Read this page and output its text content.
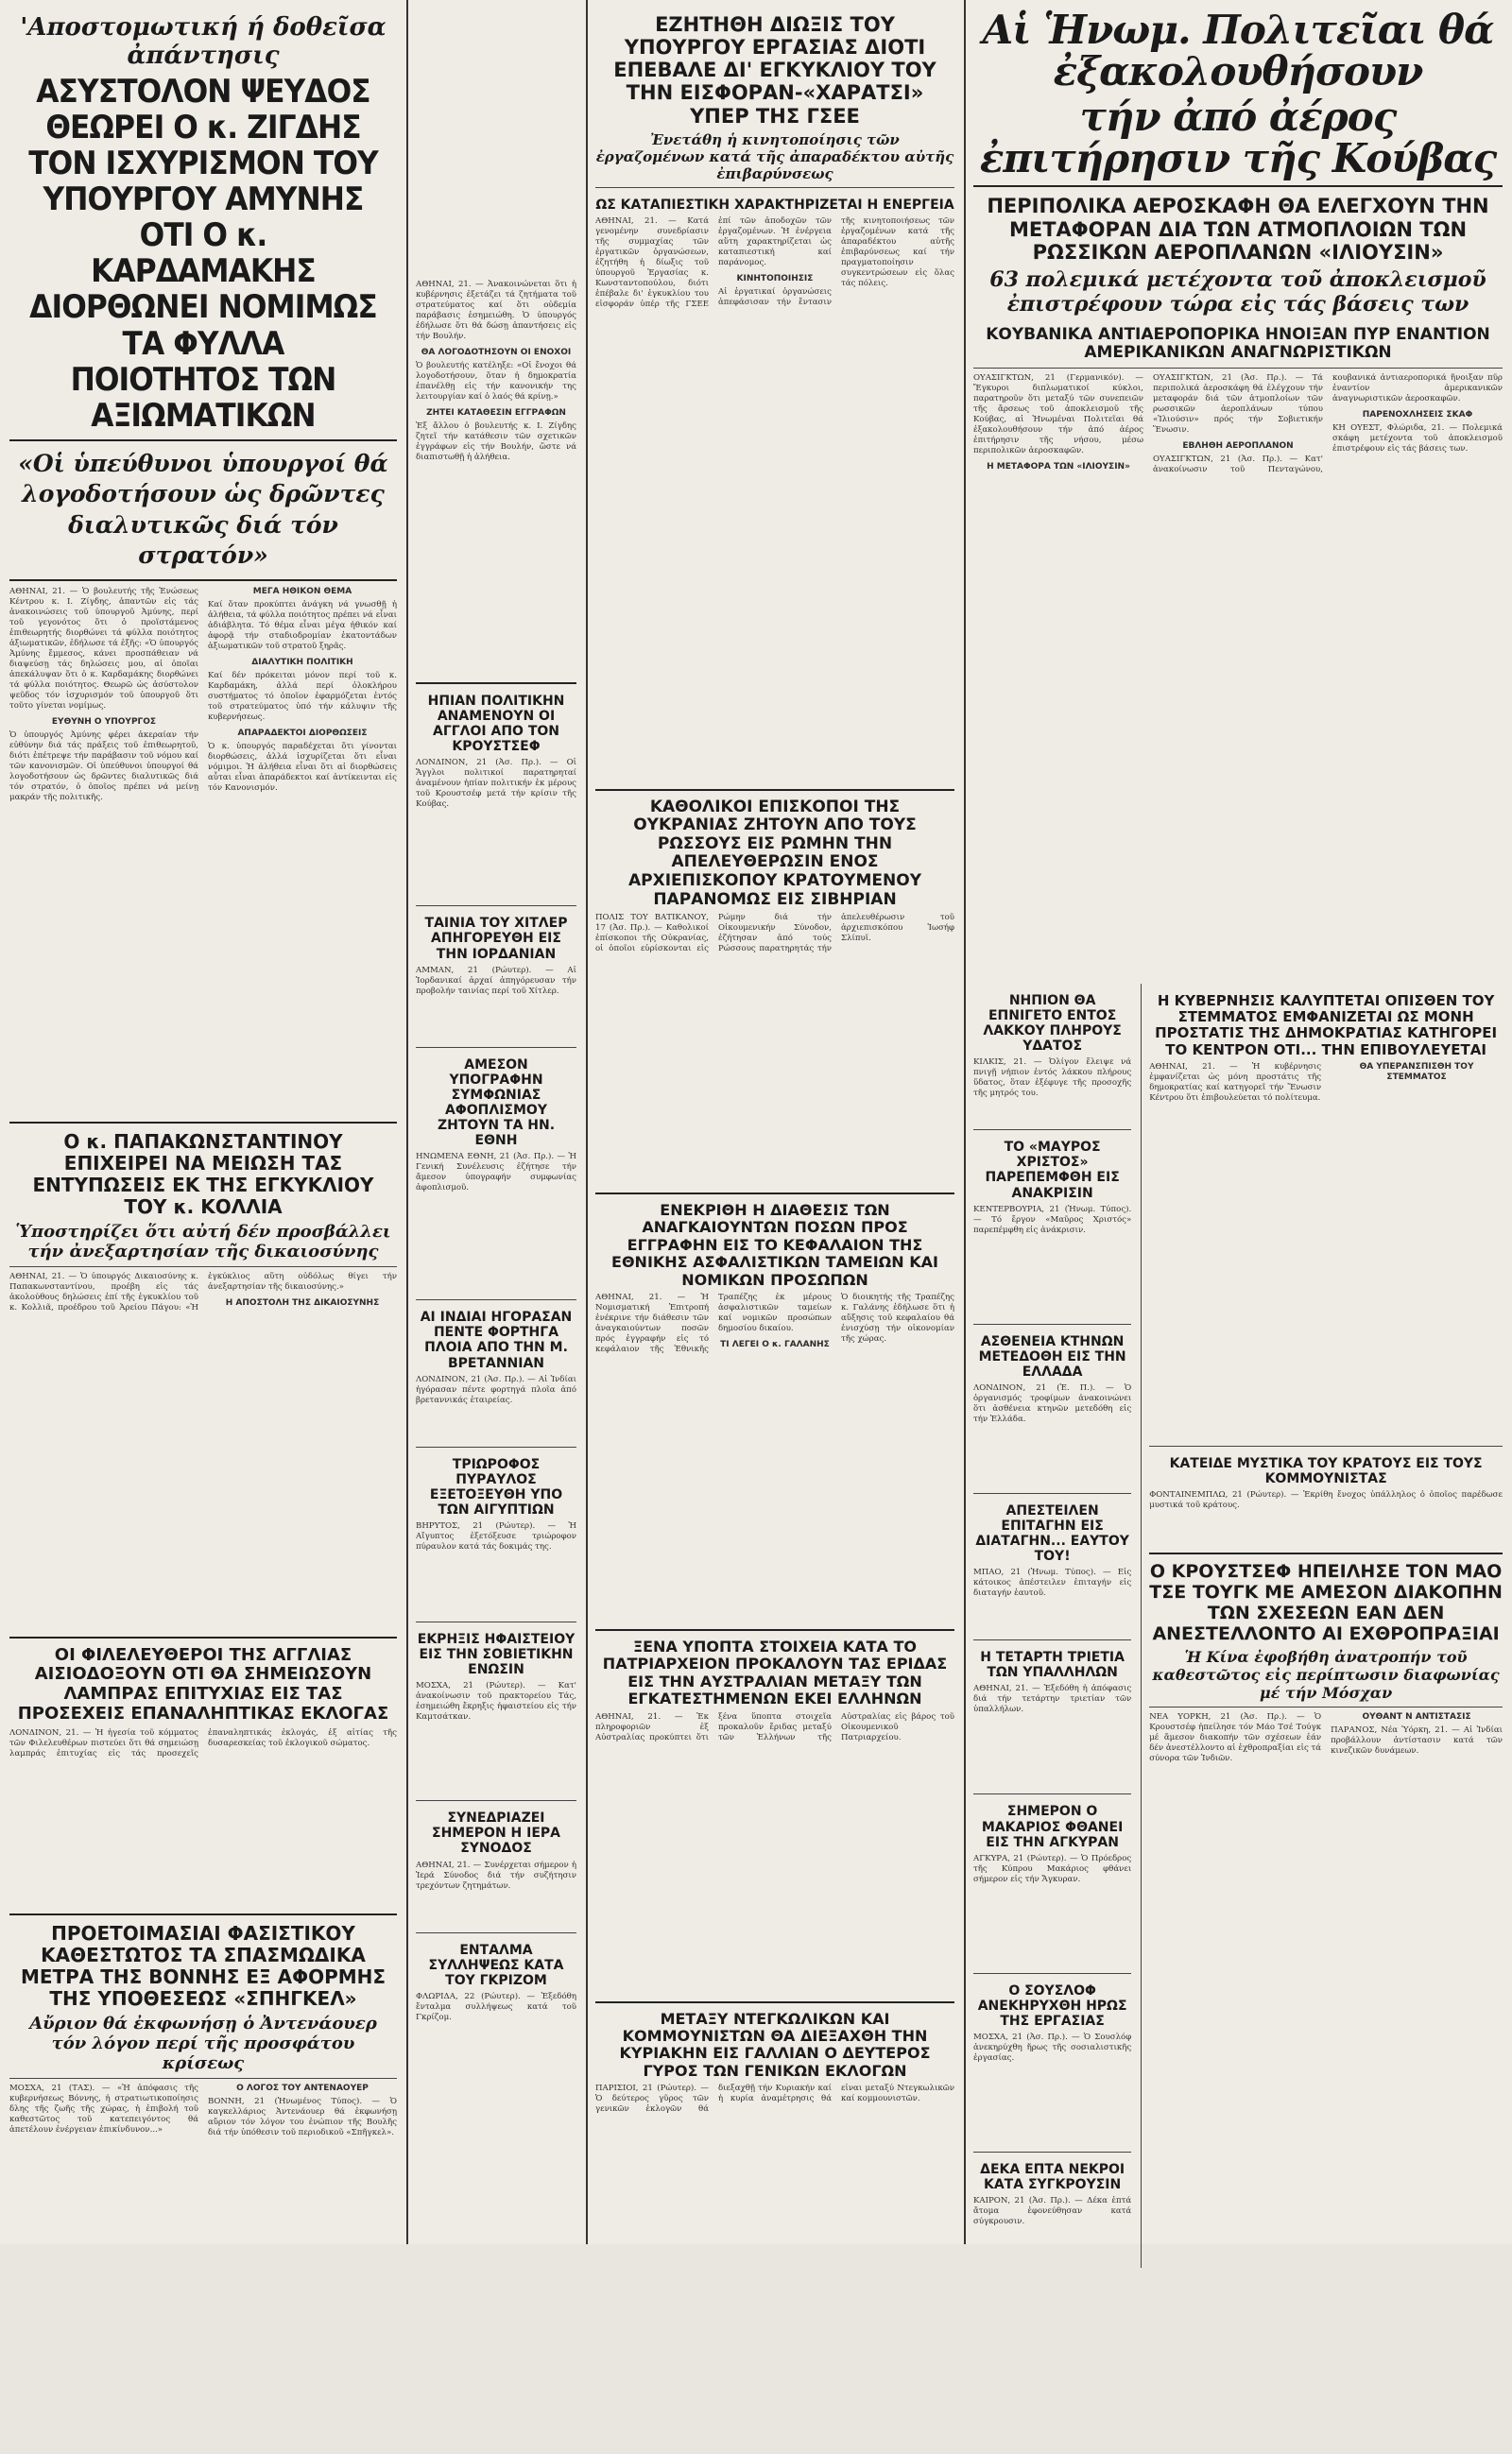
'Αποστομωτική ή δοθεῖσα ἀπάντησις
ΑΣΥΣΤΟΛΟΝ ΨΕΥΔΟΣ ΘΕΩΡΕΙ Ο κ. ΖΙΓΔΗΣ ΤΟΝ ΙΣΧΥΡΙΣΜΟΝ ΤΟΥ ΥΠΟΥΡΓΟΥ ΑΜΥΝΗΣ ΟΤΙ Ο κ. ΚΑΡΔΑΜΑΚΗΣ ΔΙΟΡΘΩΝΕΙ ΝΟΜΙΜΩΣ ΤΑ ΦΥΛΛΑ ΠΟΙΟΤΗΤΟΣ ΤΩΝ ΑΞΙΩΜΑΤΙΚΩΝ
«Οἱ ὑπεύθυνοι ὑπουργοί θά λογοδοτήσουν ὡς δρῶντες διαλυτικῶς διά τόν στρατόν»
ΑΘΗΝΑΙ, 21. — Ὁ βουλευτής τῆς Ἑνώσεως Κέντρου κ. Ι. Ζίγδης, ἀπαντῶν εἰς τάς ἀνακοινώσεις τοῦ ὑπουργοῦ Ἀμύνης, περί τοῦ γεγονότος ὅτι ὁ προϊστάμενος ἐπιθεωρητής διορθώνει τά φύλλα ποιότητος ἀξιωματικῶν, ἐδήλωσε τά ἑξῆς: «Ὁ ὑπουργός Ἀμύνης ἔμμεσος, κάνει προσπάθειαν νά διαψεύσῃ τάς δηλώσεις μου, αἱ ὁποῖαι ἀπεκάλυψαν ὅτι ὁ κ. Καρδαμάκης διορθώνει τά φύλλα ποιότητος. Θεωρῶ ὡς ἀσύστολον ψεῦδος τόν ἰσχυρισμόν τοῦ ὑπουργοῦ ὅτι τοῦτο γίνεται νομίμως.
ΕΥΘΥΝΗ Ο ΥΠΟΥΡΓΟΣ
Ὁ ὑπουργός Ἀμύνης φέρει ἀκεραίαν τήν εὐθύνην διά τάς πράξεις τοῦ ἐπιθεωρητοῦ, διότι ἐπέτρεψε τήν παράβασιν τοῦ νόμου καί τῶν κανονισμῶν. Οἱ ὑπεύθυνοι ὑπουργοί θά λογοδοτήσουν ὡς δρῶντες διαλυτικῶς διά τόν στρατόν, ὁ ὁποῖος πρέπει νά μείνῃ μακράν τῆς πολιτικῆς.
ΜΕΓΑ ΗΘΙΚΟΝ ΘΕΜΑ
Καί ὅταν προκύπτει ἀνάγκη νά γνωσθῇ ἡ ἀλήθεια, τά φύλλα ποιότητος πρέπει νά εἶναι ἀδιάβλητα. Τό θέμα εἶναι μέγα ἠθικόν καί ἀφορᾷ τήν σταδιοδρομίαν ἑκατοντάδων ἀξιωματικῶν τοῦ στρατοῦ ξηρᾶς.
ΔΙΑΛΥΤΙΚΗ ΠΟΛΙΤΙΚΗ
Καί δέν πρόκειται μόνον περί τοῦ κ. Καρδαμάκη, ἀλλά περί ὁλοκλήρου συστήματος τό ὁποῖον ἐφαρμόζεται ἐντός τοῦ στρατεύματος ὑπό τήν κάλυψιν τῆς κυβερνήσεως.
ΑΠΑΡΑΔΕΚΤΟΙ ΔΙΟΡΘΩΣΕΙΣ
Ὁ κ. ὑπουργός παραδέχεται ὅτι γίνονται διορθώσεις, ἀλλά ἰσχυρίζεται ὅτι εἶναι νόμιμοι. Ἡ ἀλήθεια εἶναι ὅτι αἱ διορθώσεις αὗται εἶναι ἀπαράδεκτοι καί ἀντίκεινται εἰς τόν Κανονισμόν.
Ο κ. ΠΑΠΑΚΩΝΣΤΑΝΤΙΝΟΥ ΕΠΙΧΕΙΡΕΙ ΝΑ ΜΕΙΩΣΗ ΤΑΣ ΕΝΤΥΠΩΣΕΙΣ ΕΚ ΤΗΣ ΕΓΚΥΚΛΙΟΥ ΤΟΥ κ. ΚΟΛΛΙΑ
Ὑποστηρίζει ὅτι αὐτή δέν προσβάλλει τήν ἀνεξαρτησίαν τῆς δικαιοσύνης
ΑΘΗΝΑΙ, 21. — Ὁ ὑπουργός Δικαιοσύνης κ. Παπακωνσταντίνου, προέβη εἰς τάς ἀκολούθους δηλώσεις ἐπί τῆς ἐγκυκλίου τοῦ κ. Κολλιᾶ, προέδρου τοῦ Ἀρείου Πάγου: «Ἡ ἐγκύκλιος αὕτη οὐδόλως θίγει τήν ἀνεξαρτησίαν τῆς δικαιοσύνης.»
Η ΑΠΟΣΤΟΛΗ ΤΗΣ ΔΙΚΑΙΟΣΥΝΗΣ
ΟΙ ΦΙΛΕΛΕΥΘΕΡΟΙ ΤΗΣ ΑΓΓΛΙΑΣ ΑΙΣΙΟΔΟΞΟΥΝ ΟΤΙ ΘΑ ΣΗΜΕΙΩΣΟΥΝ ΛΑΜΠΡΑΣ ΕΠΙΤΥΧΙΑΣ ΕΙΣ ΤΑΣ ΠΡΟΣΕΧΕΙΣ ΕΠΑΝΑΛΗΠΤΙΚΑΣ ΕΚΛΟΓΑΣ
ΛΟΝΔΙΝΟΝ, 21. — Ἡ ἡγεσία τοῦ κόμματος τῶν Φιλελευθέρων πιστεύει ὅτι θά σημειώσῃ λαμπράς ἐπιτυχίας εἰς τάς προσεχεῖς ἐπαναληπτικάς ἐκλογάς, ἐξ αἰτίας τῆς δυσαρεσκείας τοῦ ἐκλογικοῦ σώματος.
ΠΡΟΕΤΟΙΜΑΣΙΑΙ ΦΑΣΙΣΤΙΚΟΥ ΚΑΘΕΣΤΩΤΟΣ ΤΑ ΣΠΑΣΜΩΔΙΚΑ ΜΕΤΡΑ ΤΗΣ ΒΟΝΝΗΣ ΕΞ ΑΦΟΡΜΗΣ ΤΗΣ ΥΠΟΘΕΣΕΩΣ «ΣΠΗΓΚΕΛ»
Αὔριον θά ἐκφωνήσῃ ὁ Ἀντενάουερ τόν λόγον περί τῆς προσφάτου κρίσεως
ΜΟΣΧΑ, 21 (ΤΑΣ). — «Ἡ ἀπόφασις τῆς κυβερνήσεως Βόννης, ἡ στρατιωτικοποίησις δλης τῆς ζωῆς τῆς χώρας, ἡ ἐπιβολή τοῦ καθεστῶτος τοῦ κατεπειγόντος θά ἀπετέλουν ἐνέργειαν ἐπικίνδυνον...»
Ο ΛΟΓΟΣ ΤΟΥ ΑΝΤΕΝΑΟΥΕΡ
ΒΟΝΝΗ, 21 (Ἡνωμένος Τύπος). — Ὁ καγκελλάριος Ἀντενάουερ θά ἐκφωνήσῃ αὔριον τόν λόγον του ἐνώπιον τῆς Βουλῆς διά τήν ὑπόθεσιν τοῦ περιοδικοῦ «Σπῆγκελ».
ΑΘΗΝΑΙ, 21. — Ἀνακοινώνεται ὅτι ἡ κυβέρνησις ἐξετάζει τά ζητήματα τοῦ στρατεύματος καί ὅτι οὐδεμία παράβασις ἐσημειώθη. Ὁ ὑπουργός ἐδήλωσε ὅτι θά δώσῃ ἀπαντήσεις εἰς τήν Βουλήν.
ΘΑ ΛΟΓΟΔΟΤΗΣΟΥΝ ΟΙ ΕΝΟΧΟΙ
Ὁ βουλευτής κατέληξε: «Οἱ ἔνοχοι θά λογοδοτήσουν, ὅταν ἡ δημοκρατία ἐπανέλθῃ εἰς τήν κανονικήν της λειτουργίαν καί ὁ λαός θά κρίνῃ.»
ΖΗΤΕΙ ΚΑΤΑΘΕΣΙΝ ΕΓΓΡΑΦΩΝ
Ἐξ ἄλλου ὁ βουλευτής κ. Ι. Ζίγδης ζητεῖ τήν κατάθεσιν τῶν σχετικῶν ἐγγράφων εἰς τήν Βουλήν, ὥστε νά διαπιστωθῇ ἡ ἀλήθεια.
ΗΠΙΑΝ ΠΟΛΙΤΙΚΗΝ ΑΝΑΜΕΝΟΥΝ ΟΙ ΑΓΓΛΟΙ ΑΠΟ ΤΟΝ ΚΡΟΥΣΤΣΕΦ
ΛΟΝΔΙΝΟΝ, 21 (Ἀσ. Πρ.). — Οἱ Ἄγγλοι πολιτικοί παρατηρηταί ἀναμένουν ἠπίαν πολιτικήν ἐκ μέρους τοῦ Κρουστσέφ μετά τήν κρίσιν τῆς Κούβας.
ΤΑΙΝΙΑ ΤΟΥ ΧΙΤΛΕΡ ΑΠΗΓΟΡΕΥΘΗ ΕΙΣ ΤΗΝ ΙΟΡΔΑΝΙΑΝ
ΑΜΜΑΝ, 21 (Ρώυτερ). — Αἱ Ἰορδανικαί ἀρχαί ἀπηγόρευσαν τήν προβολήν ταινίας περί τοῦ Χίτλερ.
ΑΜΕΣΟΝ ΥΠΟΓΡΑΦΗΝ ΣΥΜΦΩΝΙΑΣ ΑΦΟΠΛΙΣΜΟΥ ΖΗΤΟΥΝ ΤΑ ΗΝ. ΕΘΝΗ
ΗΝΩΜΕΝΑ ΕΘΝΗ, 21 (Ἀσ. Πρ.). — Ἡ Γενική Συνέλευσις ἐζήτησε τήν ἄμεσον ὑπογραφήν συμφωνίας ἀφοπλισμοῦ.
ΑΙ ΙΝΔΙΑΙ ΗΓΟΡΑΣΑΝ ΠΕΝΤΕ ΦΟΡΤΗΓΑ ΠΛΟΙΑ ΑΠΟ ΤΗΝ Μ. ΒΡΕΤΑΝΝΙΑΝ
ΛΟΝΔΙΝΟΝ, 21 (Ἀσ. Πρ.). — Αἱ Ἰνδίαι ἠγόρασαν πέντε φορτηγά πλοῖα ἀπό βρεταννικάς ἑταιρείας.
ΤΡΙΩΡΟΦΟΣ ΠΥΡΑΥΛΟΣ ΕΞΕΤΟΞΕΥΘΗ ΥΠΟ ΤΩΝ ΑΙΓΥΠΤΙΩΝ
ΒΗΡΥΤΟΣ, 21 (Ρώυτερ). — Ἡ Αἴγυπτος ἐξετόξευσε τριώροφον πύραυλον κατά τάς δοκιμάς της.
ΕΚΡΗΞΙΣ ΗΦΑΙΣΤΕΙΟΥ ΕΙΣ ΤΗΝ ΣΟΒΙΕΤΙΚΗΝ ΕΝΩΣΙΝ
ΜΟΣΧΑ, 21 (Ρώυτερ). — Κατ' ἀνακοίνωσιν τοῦ πρακτορείου Τάς, ἐσημειώθη ἔκρηξις ἡφαιστείου εἰς τήν Καμτσάτκαν.
ΣΥΝΕΔΡΙΑΖΕΙ ΣΗΜΕΡΟΝ Η ΙΕΡΑ ΣΥΝΟΔΟΣ
ΑΘΗΝΑΙ, 21. — Συνέρχεται σήμερον ἡ Ἱερά Σύνοδος διά τήν συζήτησιν τρεχόντων ζητημάτων.
ΕΝΤΑΛΜΑ ΣΥΛΛΗΨΕΩΣ ΚΑΤΑ ΤΟΥ ΓΚΡΙΖΟΜ
ΦΛΩΡΙΔΑ, 22 (Ρώυτερ). — Ἐξεδόθη ἔνταλμα συλλήψεως κατά τοῦ Γκρίζομ.
ΕΖΗΤΗΘΗ ΔΙΩΞΙΣ ΤΟΥ ΥΠΟΥΡΓΟΥ ΕΡΓΑΣΙΑΣ ΔΙΟΤΙ ΕΠΕΒΑΛΕ ΔΙ' ΕΓΚΥΚΛΙΟΥ ΤΟΥ ΤΗΝ ΕΙΣΦΟΡΑΝ-«ΧΑΡΑΤΣΙ» ΥΠΕΡ ΤΗΣ ΓΣΕΕ
Ἐνετάθη ἡ κινητοποίησις τῶν ἐργαζομένων κατά τῆς ἀπαραδέκτου αὐτῆς ἐπιβαρύνσεως
ΩΣ ΚΑΤΑΠΙΕΣΤΙΚΗ ΧΑΡΑΚΤΗΡΙΖΕΤΑΙ Η ΕΝΕΡΓΕΙΑ
ΑΘΗΝΑΙ, 21. — Κατά γενομένην συνεδρίασιν τῆς συμμαχίας τῶν ἐργατικῶν ὀργανώσεων, ἐζητήθη ἡ δίωξις τοῦ ὑπουργοῦ Ἐργασίας κ. Κωνσταντοπούλου, διότι ἐπέβαλε δι' ἐγκυκλίου του εἰσφοράν ὑπέρ τῆς ΓΣΕΕ ἐπί τῶν ἀποδοχῶν τῶν ἐργαζομένων. Ἡ ἐνέργεια αὕτη χαρακτηρίζεται ὡς καταπιεστική καί παράνομος.
ΚΙΝΗΤΟΠΟΙΗΣΙΣ
Αἱ ἐργατικαί ὀργανώσεις ἀπεφάσισαν τήν ἔντασιν τῆς κινητοποιήσεως τῶν ἐργαζομένων κατά τῆς ἀπαραδέκτου αὐτῆς ἐπιβαρύνσεως καί τήν πραγματοποίησιν συγκεντρώσεων εἰς ὅλας τάς πόλεις.
ΚΑΘΟΛΙΚΟΙ ΕΠΙΣΚΟΠΟΙ ΤΗΣ ΟΥΚΡΑΝΙΑΣ ΖΗΤΟΥΝ ΑΠΟ ΤΟΥΣ ΡΩΣΣΟΥΣ ΕΙΣ ΡΩΜΗΝ ΤΗΝ ΑΠΕΛΕΥΘΕΡΩΣΙΝ ΕΝΟΣ ΑΡΧΙΕΠΙΣΚΟΠΟΥ ΚΡΑΤΟΥΜΕΝΟΥ ΠΑΡΑΝΟΜΩΣ ΕΙΣ ΣΙΒΗΡΙΑΝ
ΠΟΛΙΣ ΤΟΥ ΒΑΤΙΚΑΝΟΥ, 17 (Ἀσ. Πρ.). — Καθολικοί ἐπίσκοποι τῆς Οὐκρανίας, οἱ ὁποῖοι εὑρίσκονται εἰς Ρώμην διά τήν Οἰκουμενικήν Σύνοδον, ἐζήτησαν ἀπό τούς Ρώσσους παρατηρητάς τήν ἀπελευθέρωσιν τοῦ ἀρχιεπισκόπου Ἰωσήφ Σλίπυϊ.
ΕΝΕΚΡΙΘΗ Η ΔΙΑΘΕΣΙΣ ΤΩΝ ΑΝΑΓΚΑΙΟΥΝΤΩΝ ΠΟΣΩΝ ΠΡΟΣ ΕΓΓΡΑΦΗΝ ΕΙΣ ΤΟ ΚΕΦΑΛΑΙΟΝ ΤΗΣ ΕΘΝΙΚΗΣ ΑΣΦΑΛΙΣΤΙΚΩΝ ΤΑΜΕΙΩΝ ΚΑΙ ΝΟΜΙΚΩΝ ΠΡΟΣΩΠΩΝ
ΑΘΗΝΑΙ, 21. — Ἡ Νομισματική Ἐπιτροπή ἐνέκρινε τήν διάθεσιν τῶν ἀναγκαιούντων ποσῶν πρός ἐγγραφήν εἰς τό κεφάλαιον τῆς Ἐθνικῆς Τραπέζης ἐκ μέρους ἀσφαλιστικῶν ταμείων καί νομικῶν προσώπων δημοσίου δικαίου.
ΤΙ ΛΕΓΕΙ Ο κ. ΓΑΛΑΝΗΣ
Ὁ διοικητής τῆς Τραπέζης κ. Γαλάνης ἐδήλωσε ὅτι ἡ αὔξησις τοῦ κεφαλαίου θά ἐνισχύσῃ τήν οἰκονομίαν τῆς χώρας.
ΞΕΝΑ ΥΠΟΠΤΑ ΣΤΟΙΧΕΙΑ ΚΑΤΑ ΤΟ ΠΑΤΡΙΑΡΧΕΙΟΝ ΠΡΟΚΑΛΟΥΝ ΤΑΣ ΕΡΙΔΑΣ ΕΙΣ ΤΗΝ ΑΥΣΤΡΑΛΙΑΝ ΜΕΤΑΞΥ ΤΩΝ ΕΓΚΑΤΕΣΤΗΜΕΝΩΝ ΕΚΕΙ ΕΛΛΗΝΩΝ
ΑΘΗΝΑΙ, 21. — Ἐκ πληροφοριῶν ἐξ Αὐστραλίας προκύπτει ὅτι ξένα ὕποπτα στοιχεῖα προκαλοῦν ἔριδας μεταξύ τῶν Ἑλλήνων τῆς Αὐστραλίας εἰς βάρος τοῦ Οἰκουμενικοῦ Πατριαρχείου.
ΜΕΤΑΞΥ ΝΤΕΓΚΩΛΙΚΩΝ ΚΑΙ ΚΟΜΜΟΥΝΙΣΤΩΝ ΘΑ ΔΙΕΞΑΧΘΗ ΤΗΝ ΚΥΡΙΑΚΗΝ ΕΙΣ ΓΑΛΛΙΑΝ Ο ΔΕΥΤΕΡΟΣ ΓΥΡΟΣ ΤΩΝ ΓΕΝΙΚΩΝ ΕΚΛΟΓΩΝ
ΠΑΡΙΣΙΟΙ, 21 (Ρώυτερ). — Ὁ δεύτερος γῦρος τῶν γενικῶν ἐκλογῶν θά διεξαχθῇ τήν Κυριακήν καί ἡ κυρία ἀναμέτρησις θά εἶναι μεταξύ Ντεγκωλικῶν καί κομμουνιστῶν.
Αἱ Ἡνωμ. Πολιτεῖαι θά ἐξακολουθήσουν
τήν ἀπό ἀέρος ἐπιτήρησιν τῆς Κούβας
ΠΕΡΙΠΟΛΙΚΑ ΑΕΡΟΣΚΑΦΗ ΘΑ ΕΛΕΓΧΟΥΝ ΤΗΝ ΜΕΤΑΦΟΡΑΝ ΔΙΑ ΤΩΝ ΑΤΜΟΠΛΟΙΩΝ ΤΩΝ ΡΩΣΣΙΚΩΝ ΑΕΡΟΠΛΑΝΩΝ «ΙΛΙΟΥΣΙΝ»
63 πολεμικά μετέχοντα τοῦ ἀποκλεισμοῦ ἐπιστρέφουν τώρα εἰς τάς βάσεις των
ΚΟΥΒΑΝΙΚΑ ΑΝΤΙΑΕΡΟΠΟΡΙΚΑ ΗΝΟΙΞΑΝ ΠΥΡ ΕΝΑΝΤΙΟΝ ΑΜΕΡΙΚΑΝΙΚΩΝ ΑΝΑΓΝΩΡΙΣΤΙΚΩΝ
ΟΥΑΣΙΓΚΤΩΝ, 21 (Γερμανικόν). — Ἔγκυροι διπλωματικοί κύκλοι, παρατηροῦν ὅτι μεταξύ τῶν συνεπειῶν τῆς ἄρσεως τοῦ ἀποκλεισμοῦ τῆς Κούβας, αἱ Ἡνωμέναι Πολιτεῖαι θά ἐξακολουθήσουν τήν ἀπό ἀέρος ἐπιτήρησιν τῆς νήσου, μέσω περιπολικῶν ἀεροσκαφῶν.
Η ΜΕΤΑΦΟΡΑ ΤΩΝ «ΙΛΙΟΥΣΙΝ»
ΟΥΑΣΙΓΚΤΩΝ, 21 (Ἀσ. Πρ.). — Τά περιπολικά ἀεροσκάφη θά ἐλέγχουν τήν μεταφοράν διά τῶν ἀτμοπλοίων τῶν ρωσσικῶν ἀεροπλάνων τύπου «Ἰλιούσιν» πρός τήν Σοβιετικήν Ἕνωσιν.
ΕΒΛΗΘΗ ΑΕΡΟΠΛΑΝΟΝ
ΟΥΑΣΙΓΚΤΩΝ, 21 (Ἀσ. Πρ.). — Κατ' ἀνακοίνωσιν τοῦ Πενταγώνου, κουβανικά ἀντιαεροπορικά ἤνοιξαν πῦρ ἐναντίον ἀμερικανικῶν ἀναγνωριστικῶν ἀεροσκαφῶν.
ΠΑΡΕΝΟΧΛΗΣΕΙΣ ΣΚΑΦ
ΚΗ ΟΥΕΣΤ, Φλώριδα, 21. — Πολεμικά σκάφη μετέχοντα τοῦ ἀποκλεισμοῦ ἐπιστρέφουν εἰς τάς βάσεις των.
ΝΗΠΙΟΝ ΘΑ ΕΠΝΙΓΕΤΟ ΕΝΤΟΣ ΛΑΚΚΟΥ ΠΛΗΡΟΥΣ ΥΔΑΤΟΣ
ΚΙΛΚΙΣ, 21. — Ὀλίγον ἔλειψε νά πνιγῇ νήπιον ἐντός λάκκου πλήρους ὕδατος, ὅταν ἐξέφυγε τῆς προσοχῆς τῆς μητρός του.
ΤΟ «ΜΑΥΡΟΣ ΧΡΙΣΤΟΣ» ΠΑΡΕΠΕΜΦΘΗ ΕΙΣ ΑΝΑΚΡΙΣΙΝ
ΚΕΝΤΕΡΒΟΥΡΙΑ, 21 (Ἡνωμ. Τύπος). — Τό ἔργον «Μαῦρος Χριστός» παρεπέμφθη εἰς ἀνάκρισιν.
ΑΣΘΕΝΕΙΑ ΚΤΗΝΩΝ ΜΕΤΕΔΟΘΗ ΕΙΣ ΤΗΝ ΕΛΛΑΔΑ
ΛΟΝΔΙΝΟΝ, 21 (Ἐ. Π.). — Ὁ ὀργανισμός τροφίμων ἀνακοινώνει ὅτι ἀσθένεια κτηνῶν μετεδόθη εἰς τήν Ἑλλάδα.
ΑΠΕΣΤΕΙΛΕΝ ΕΠΙΤΑΓΗΝ ΕΙΣ ΔΙΑΤΑΓΗΝ... ΕΑΥΤΟΥ ΤΟΥ!
ΜΠΑΟ, 21 (Ἡνωμ. Τύπος). — Εἷς κάτοικος ἀπέστειλεν ἐπιταγήν εἰς διαταγήν ἑαυτοῦ.
Η ΤΕΤΑΡΤΗ ΤΡΙΕΤΙΑ ΤΩΝ ΥΠΑΛΛΗΛΩΝ
ΑΘΗΝΑΙ, 21. — Ἐξεδόθη ἡ ἀπόφασις διά τήν τετάρτην τριετίαν τῶν ὑπαλλήλων.
ΣΗΜΕΡΟΝ Ο ΜΑΚΑΡΙΟΣ ΦΘΑΝΕΙ ΕΙΣ ΤΗΝ ΑΓΚΥΡΑΝ
ΑΓΚΥΡΑ, 21 (Ρώυτερ). — Ὁ Πρόεδρος τῆς Κύπρου Μακάριος φθάνει σήμερον εἰς τήν Ἄγκυραν.
Ο ΣΟΥΣΛΟΦ ΑΝΕΚΗΡΥΧΘΗ ΗΡΩΣ ΤΗΣ ΕΡΓΑΣΙΑΣ
ΜΟΣΧΑ, 21 (Ἀσ. Πρ.). — Ὁ Σουσλόφ ἀνεκηρύχθη ἥρως τῆς σοσιαλιστικῆς ἐργασίας.
ΔΕΚΑ ΕΠΤΑ ΝΕΚΡΟΙ ΚΑΤΑ ΣΥΓΚΡΟΥΣΙΝ
ΚΑΙΡΟΝ, 21 (Ἀσ. Πρ.). — Δέκα ἑπτά ἄτομα ἐφονεύθησαν κατά σύγκρουσιν.
Η ΚΥΒΕΡΝΗΣΙΣ ΚΑΛΥΠΤΕΤΑΙ ΟΠΙΣΘΕΝ ΤΟΥ ΣΤΕΜΜΑΤΟΣ ΕΜΦΑΝΙΖΕΤΑΙ ΩΣ ΜΟΝΗ ΠΡΟΣΤΑΤΙΣ ΤΗΣ ΔΗΜΟΚΡΑΤΙΑΣ ΚΑΤΗΓΟΡΕΙ ΤΟ ΚΕΝΤΡΟΝ ΟΤΙ... ΤΗΝ ΕΠΙΒΟΥΛΕΥΕΤΑΙ
ΑΘΗΝΑΙ, 21. — Ἡ κυβέρνησις ἐμφανίζεται ὡς μόνη προστάτις τῆς δημοκρατίας καί κατηγορεῖ τήν Ἕνωσιν Κέντρου ὅτι ἐπιβουλεύεται τό πολίτευμα.
ΘΑ ΥΠΕΡΑΝΣΠΙΣΘΗ ΤΟΥ ΣΤΕΜΜΑΤΟΣ
ΚΑΤΕΙΔΕ ΜΥΣΤΙΚΑ ΤΟΥ ΚΡΑΤΟΥΣ ΕΙΣ ΤΟΥΣ ΚΟΜΜΟΥΝΙΣΤΑΣ
ΦΟΝΤΑΙΝΕΜΠΛΩ, 21 (Ρώυτερ). — Ἐκρίθη ἔνοχος ὑπάλληλος ὁ ὁποῖος παρέδωσε μυστικά τοῦ κράτους.
Ο ΚΡΟΥΣΤΣΕΦ ΗΠΕΙΛΗΣΕ ΤΟΝ ΜΑΟ ΤΣΕ ΤΟΥΓΚ ΜΕ ΑΜΕΣΟΝ ΔΙΑΚΟΠΗΝ ΤΩΝ ΣΧΕΣΕΩΝ ΕΑΝ ΔΕΝ ΑΝΕΣΤΕΛΛΟΝΤΟ ΑΙ ΕΧΘΡΟΠΡΑΞΙΑΙ
Ἡ Κίνα ἐφοβήθη ἀνατροπήν τοῦ καθεστῶτος εἰς περίπτωσιν διαφωνίας μέ τήν Μόσχαν
ΝΕΑ ΥΟΡΚΗ, 21 (Ἀσ. Πρ.). — Ὁ Κρουστσέφ ἠπείλησε τόν Μάο Τσέ Τούγκ μέ ἄμεσον διακοπήν τῶν σχέσεων ἐάν δέν ἀνεστέλλοντο αἱ ἐχθροπραξίαι εἰς τά σύνορα τῶν Ἰνδιῶν.
ΟΥΘΑΝΤ Ν ΑΝΤΙΣΤΑΣΙΣ
ΠΑΡΑΝΟΣ, Νέα Ὑόρκη, 21. — Αἱ Ἰνδίαι προβάλλουν ἀντίστασιν κατά τῶν κινεζικῶν δυνάμεων.
